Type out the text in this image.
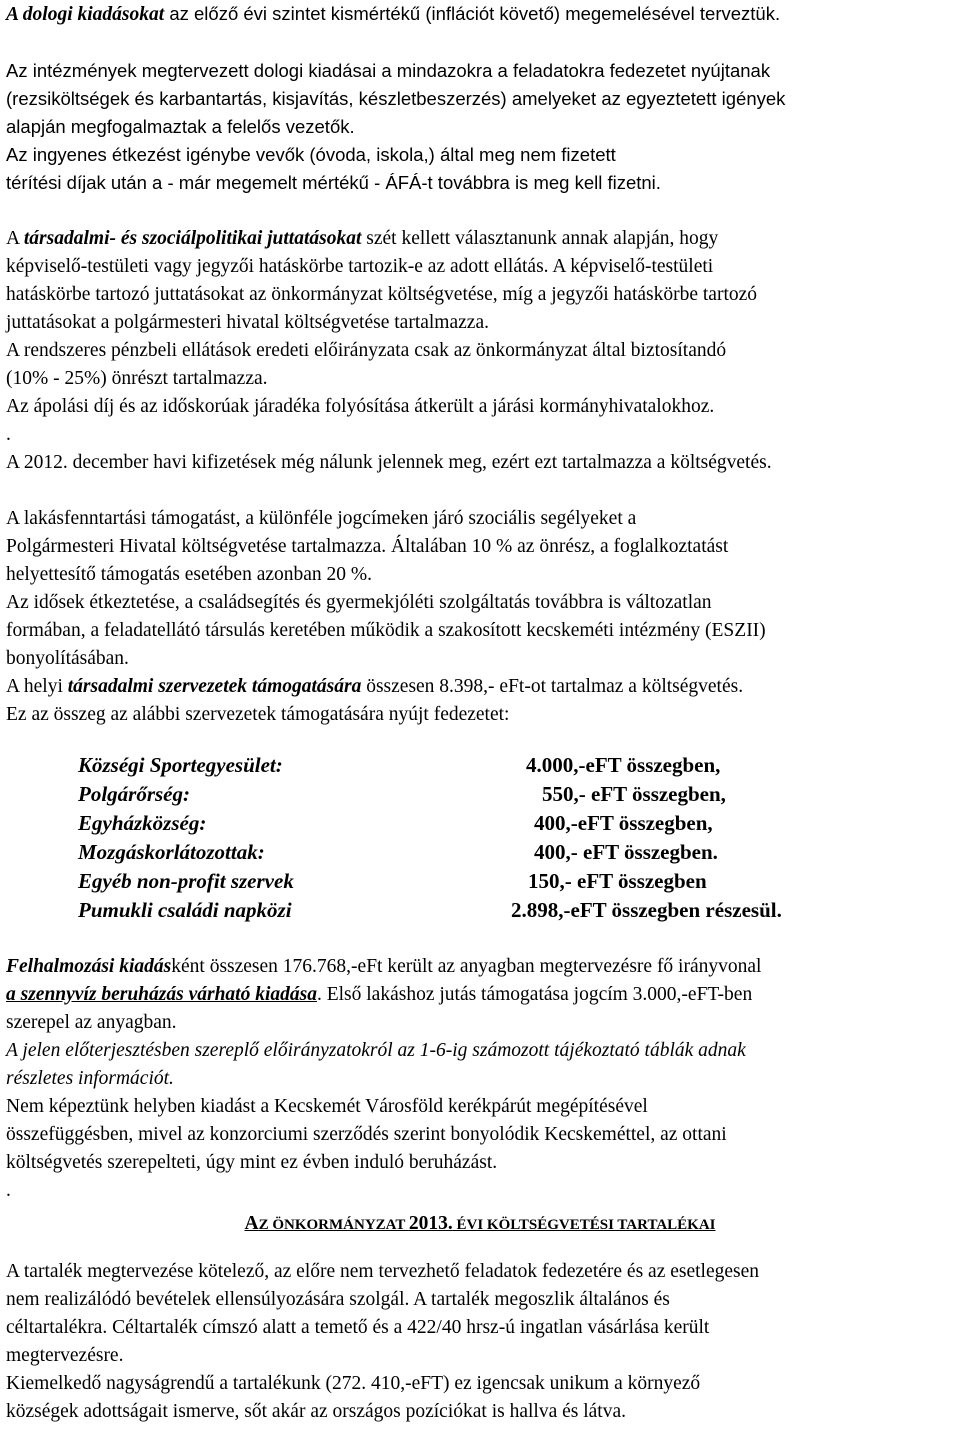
A dologi kiadásokat az előző évi szintet kismértékű (inflációt követő) megemelésével terveztük.

Az intézmények megtervezett dologi kiadásai a mindazokra a feladatokra fedezetet nyújtanak

(rezsiköltségek és karbantartás, kisjavítás, készletbeszerzés) amelyeket az egyeztetett igények

alapján megfogalmaztak a felelős vezetők.

Az ingyenes étkezést igénybe vevők (óvoda, iskola,) által meg nem fizetett

térítési díjak után a - már megemelt mértékű - ÁFÁ-t továbbra is meg kell fizetni.

A társadalmi- és szociálpolitikai juttatásokat szét kellett választanunk annak alapján, hogy

képviselő-testületi vagy jegyzői hatáskörbe tartozik-e az adott ellátás. A képviselő-testületi

hatáskörbe tartozó juttatásokat az önkormányzat költségvetése, míg a jegyzői hatáskörbe tartozó

juttatásokat a polgármesteri hivatal költségvetése tartalmazza.

A rendszeres pénzbeli ellátások eredeti előirányzata csak az önkormányzat által biztosítandó

(10% - 25%) önrészt tartalmazza.

Az ápolási díj és az időskorúak járadéka folyósítása átkerült a járási kormányhivatalokhoz.

.

A 2012. december havi kifizetések még nálunk jelennek meg, ezért ezt tartalmazza a költségvetés.

A lakásfenntartási támogatást, a különféle jogcímeken járó szociális segélyeket a

Polgármesteri Hivatal költségvetése tartalmazza. Általában 10 % az önrész, a foglalkoztatást

helyettesítő támogatás esetében azonban 20 %.

Az idősek étkeztetése, a családsegítés és gyermekjóléti szolgáltatás továbbra is változatlan

formában, a feladatellátó társulás keretében működik a szakosított kecskeméti intézmény (ESZII)

bonyolításában.

A helyi társadalmi szervezetek támogatására összesen 8.398,- eFt-ot tartalmaz a költségvetés.

Ez az összeg az alábbi szervezetek támogatására nyújt fedezetet:

Községi Sportegyesület:	4.000,-eFT összegben,
Polgárőrség:	550,- eFT összegben,
Egyházközség:	400,-eFT összegben,
Mozgáskorlátozottak:	400,- eFT összegben.
Egyéb non-profit szervek	150,- eFT összegben
Pumukli családi napközi	2.898,-eFT összegben részesül.

Felhalmozási kiadásként összesen 176.768,-eFt került az anyagban megtervezésre fő irányvonal

a szennyvíz beruházás várható kiadása. Első lakáshoz jutás támogatása jogcím 3.000,-eFT-ben

szerepel az anyagban.

A jelen előterjesztésben szereplő előirányzatokról az 1-6-ig számozott tájékoztató táblák adnak

részletes információt.

Nem képeztünk helyben kiadást a Kecskemét Városföld kerékpárút megépítésével

összefüggésben, mivel az konzorciumi szerződés szerint bonyolódik Kecskeméttel, az ottani

költségvetés szerepelteti, úgy mint ez évben induló beruházást.

.

AZ ÖNKORMÁNYZAT 2013. ÉVI KÖLTSÉGVETÉSI TARTALÉKAI

A tartalék megtervezése kötelező, az előre nem tervezhető feladatok fedezetére és az esetlegesen

nem realizálódó bevételek ellensúlyozására szolgál. A tartalék megoszlik általános és

céltartalékra. Céltartalék címszó alatt a temető és a 422/40 hrsz-ú ingatlan vásárlása került

megtervezésre.

Kiemelkedő nagyságrendű a tartalékunk (272. 410,-eFT) ez igencsak unikum a környező

községek adottságait ismerve, sőt akár az országos pozíciókat is hallva és látva.
